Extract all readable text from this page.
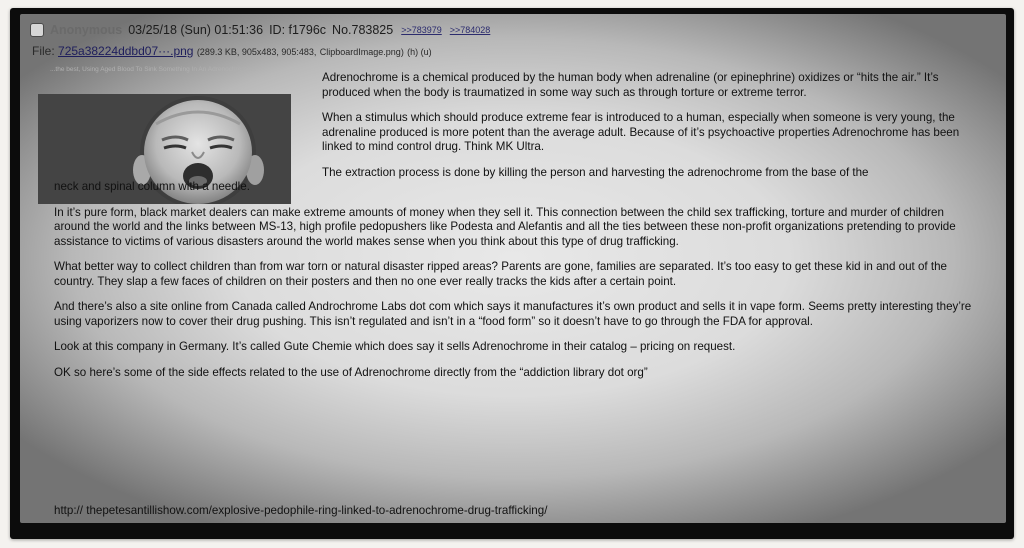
Anonymous 03/25/18 (Sun) 01:51:36 ID: f1796c No.783825 >>783979 >>784028
File: 725a38224ddbd07···.png (289.3 KB, 905x483, 905:483, ClipboardImage.png) (h) (u)
...the best, Using Aged Blood To Sink Something In An Adrenochrome...

Adrenochrome is a chemical produced by the human body when adrenaline (or epinephrine) oxidizes or “hits the air.” It’s produced when the body is traumatized in some way such as through torture or extreme terror.

When a stimulus which should produce extreme fear is introduced to a human, especially when someone is very young, the adrenaline produced is more potent than the average adult. Because of it’s psychoactive properties Adrenochrome has been linked to mind control drug. Think MK Ultra.

The extraction process is done by killing the person and harvesting the adrenochrome from the base of the
neck and spinal column with a needle.

In it’s pure form, black market dealers can make extreme amounts of money when they sell it. This connection between the child sex trafficking, torture and murder of children around the world and the links between MS-13, high profile pedopushers like Podesta and Alefantis and all the ties between these non-profit organizations pretending to provide assistance to victims of various disasters around the world makes sense when you think about this type of drug trafficking.

What better way to collect children than from war torn or natural disaster ripped areas? Parents are gone, families are separated. It’s too easy to get these kid in and out of the country. They slap a few faces of children on their posters and then no one ever really tracks the kids after a certain point.

And there’s also a site online from Canada called Androchrome Labs dot com which says it manufactures it’s own product and sells it in vape form. Seems pretty interesting they’re using vaporizers now to cover their drug pushing. This isn’t regulated and isn’t in a “food form” so it doesn’t have to go through the FDA for approval.

Look at this company in Germany. It’s called Gute Chemie which does say it sells Adrenochrome in their catalog – pricing on request.

OK so here’s some of the side effects related to the use of Adrenochrome directly from the “addiction library dot org”

http:// thepetesantillishow.com/explosive-pedophile-ring-linked-to-adrenochrome-drug-trafficking/
